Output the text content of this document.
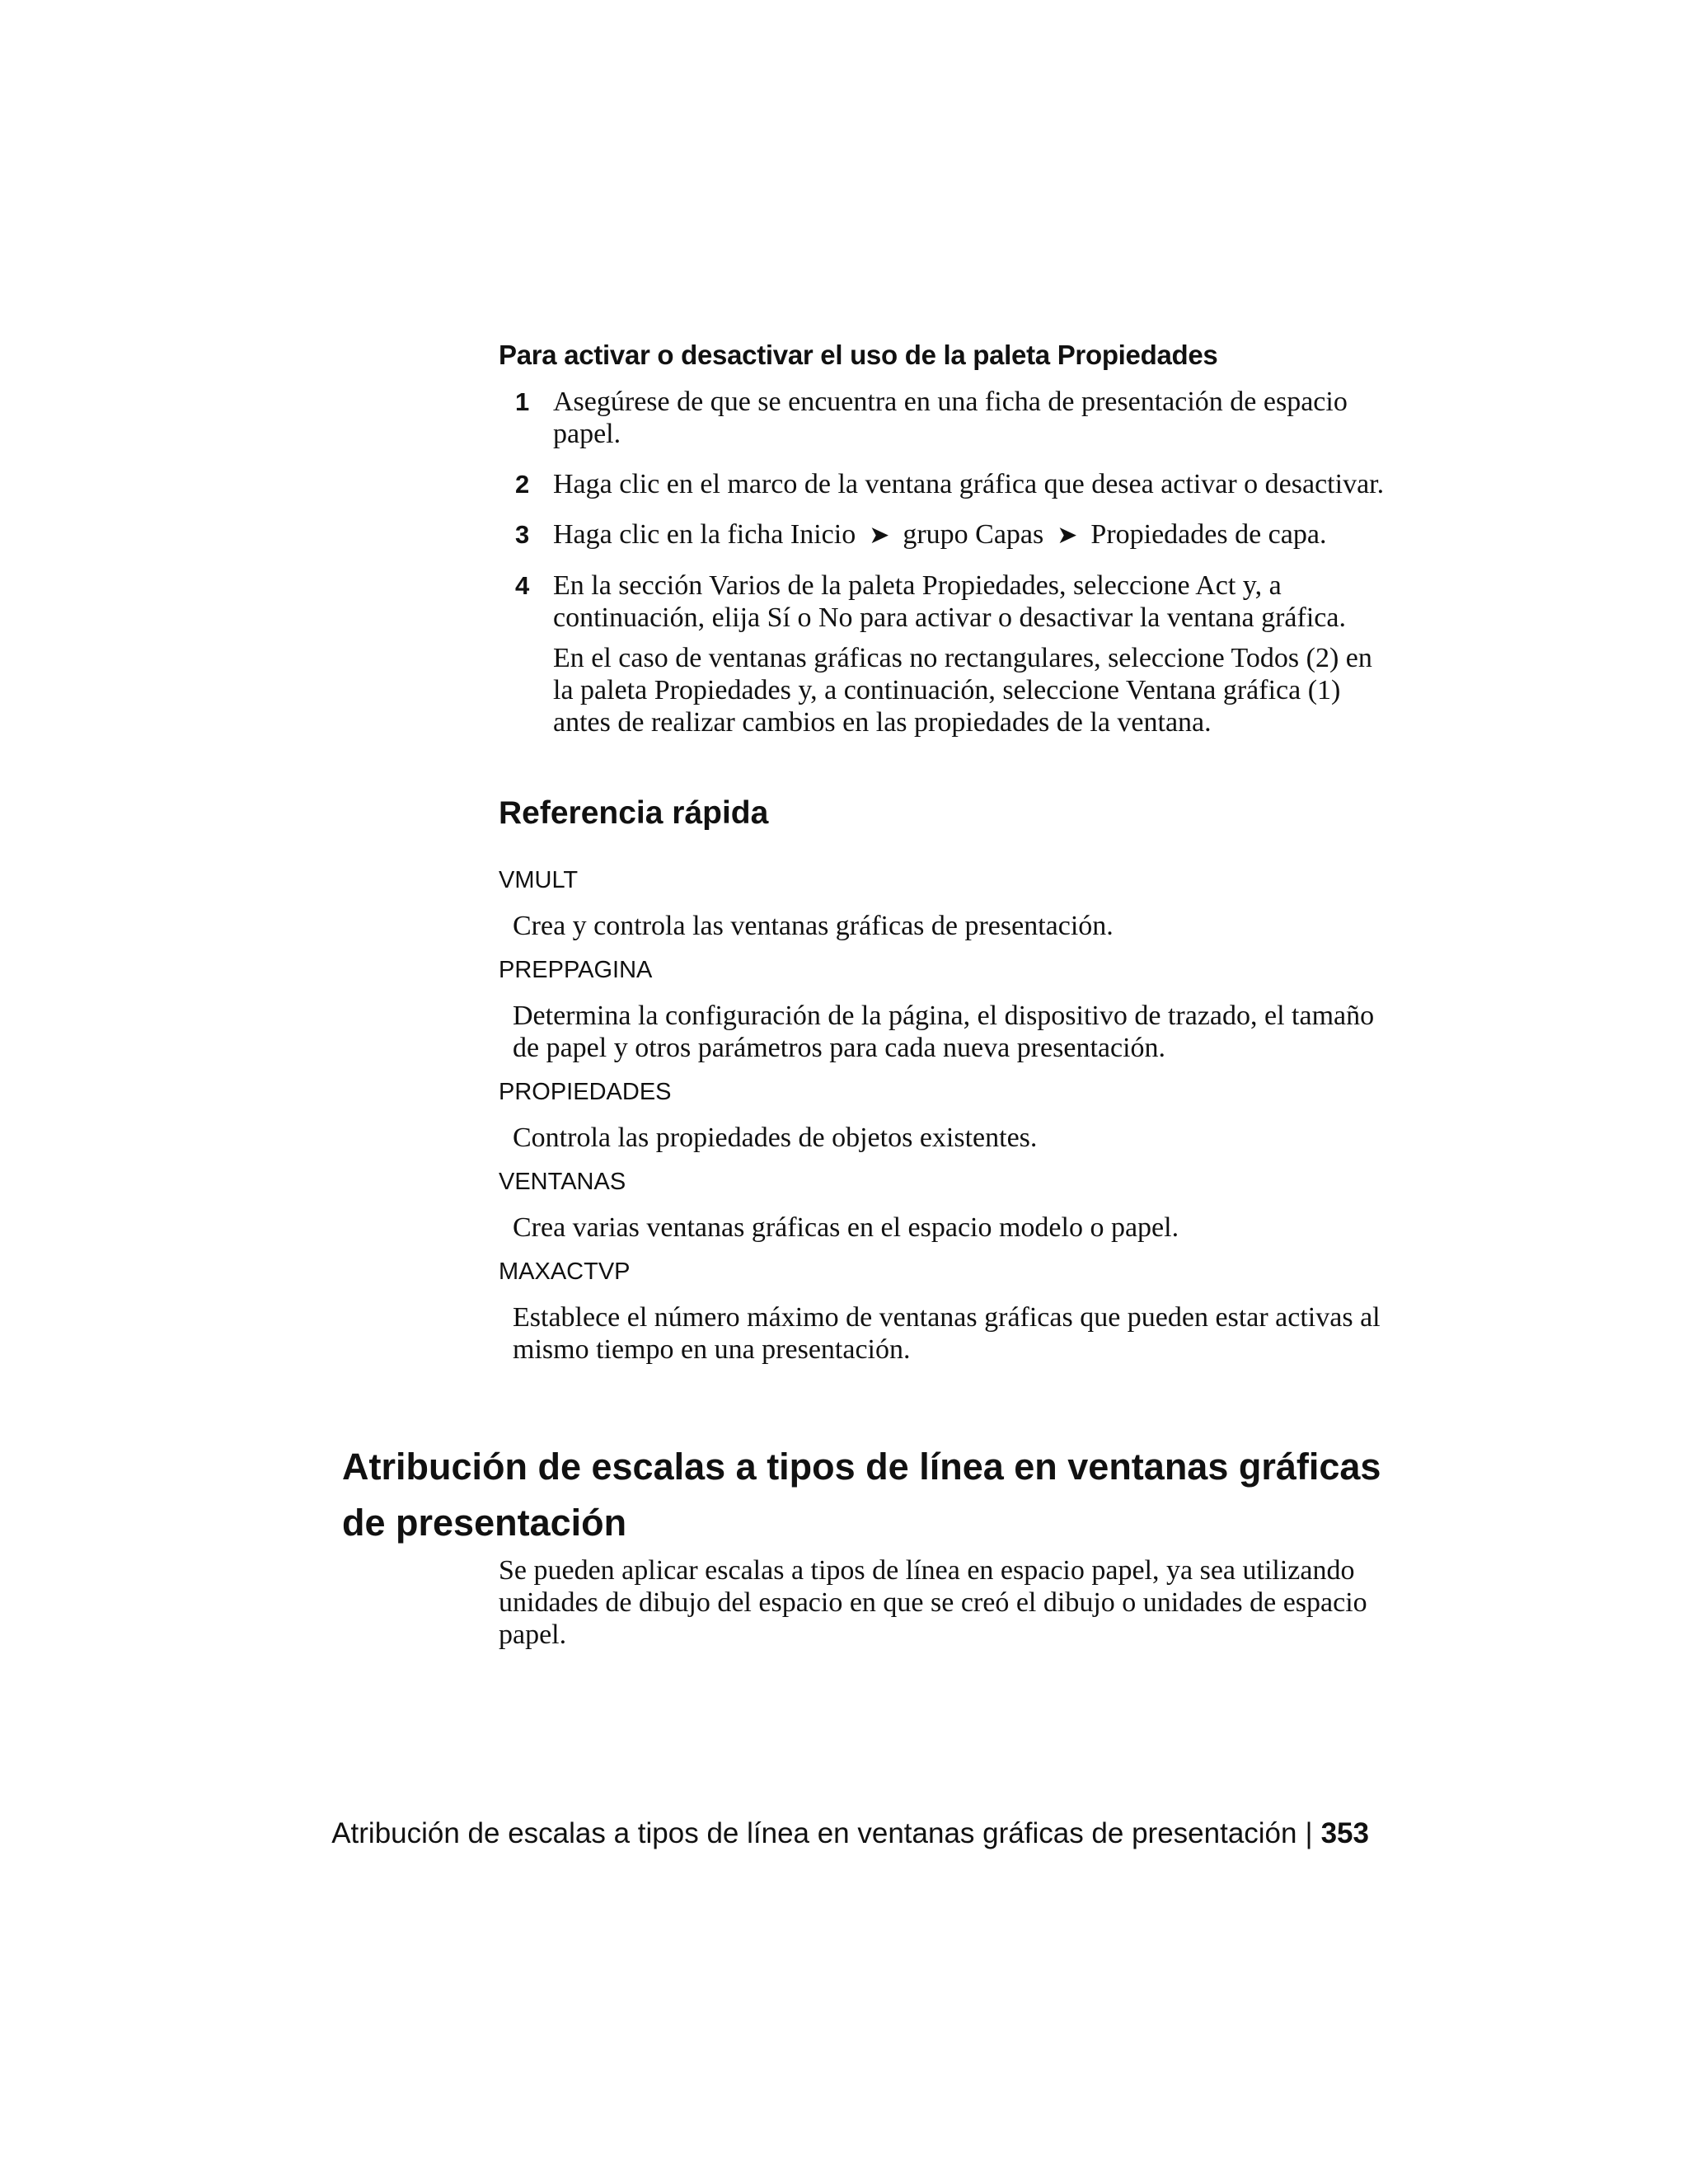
Para activar o desactivar el uso de la paleta Propiedades
1 Asegúrese de que se encuentra en una ficha de presentación de espacio papel.
2 Haga clic en el marco de la ventana gráfica que desea activar o desactivar.
3 Haga clic en la ficha Inicio ➤ grupo Capas ➤ Propiedades de capa.
4 En la sección Varios de la paleta Propiedades, seleccione Act y, a continuación, elija Sí o No para activar o desactivar la ventana gráfica.
En el caso de ventanas gráficas no rectangulares, seleccione Todos (2) en la paleta Propiedades y, a continuación, seleccione Ventana gráfica (1) antes de realizar cambios en las propiedades de la ventana.
Referencia rápida
VMULT
Crea y controla las ventanas gráficas de presentación.
PREPPAGINA
Determina la configuración de la página, el dispositivo de trazado, el tamaño de papel y otros parámetros para cada nueva presentación.
PROPIEDADES
Controla las propiedades de objetos existentes.
VENTANAS
Crea varias ventanas gráficas en el espacio modelo o papel.
MAXACTVP
Establece el número máximo de ventanas gráficas que pueden estar activas al mismo tiempo en una presentación.
Atribución de escalas a tipos de línea en ventanas gráficas de presentación
Se pueden aplicar escalas a tipos de línea en espacio papel, ya sea utilizando unidades de dibujo del espacio en que se creó el dibujo o unidades de espacio papel.
Atribución de escalas a tipos de línea en ventanas gráficas de presentación | 353
